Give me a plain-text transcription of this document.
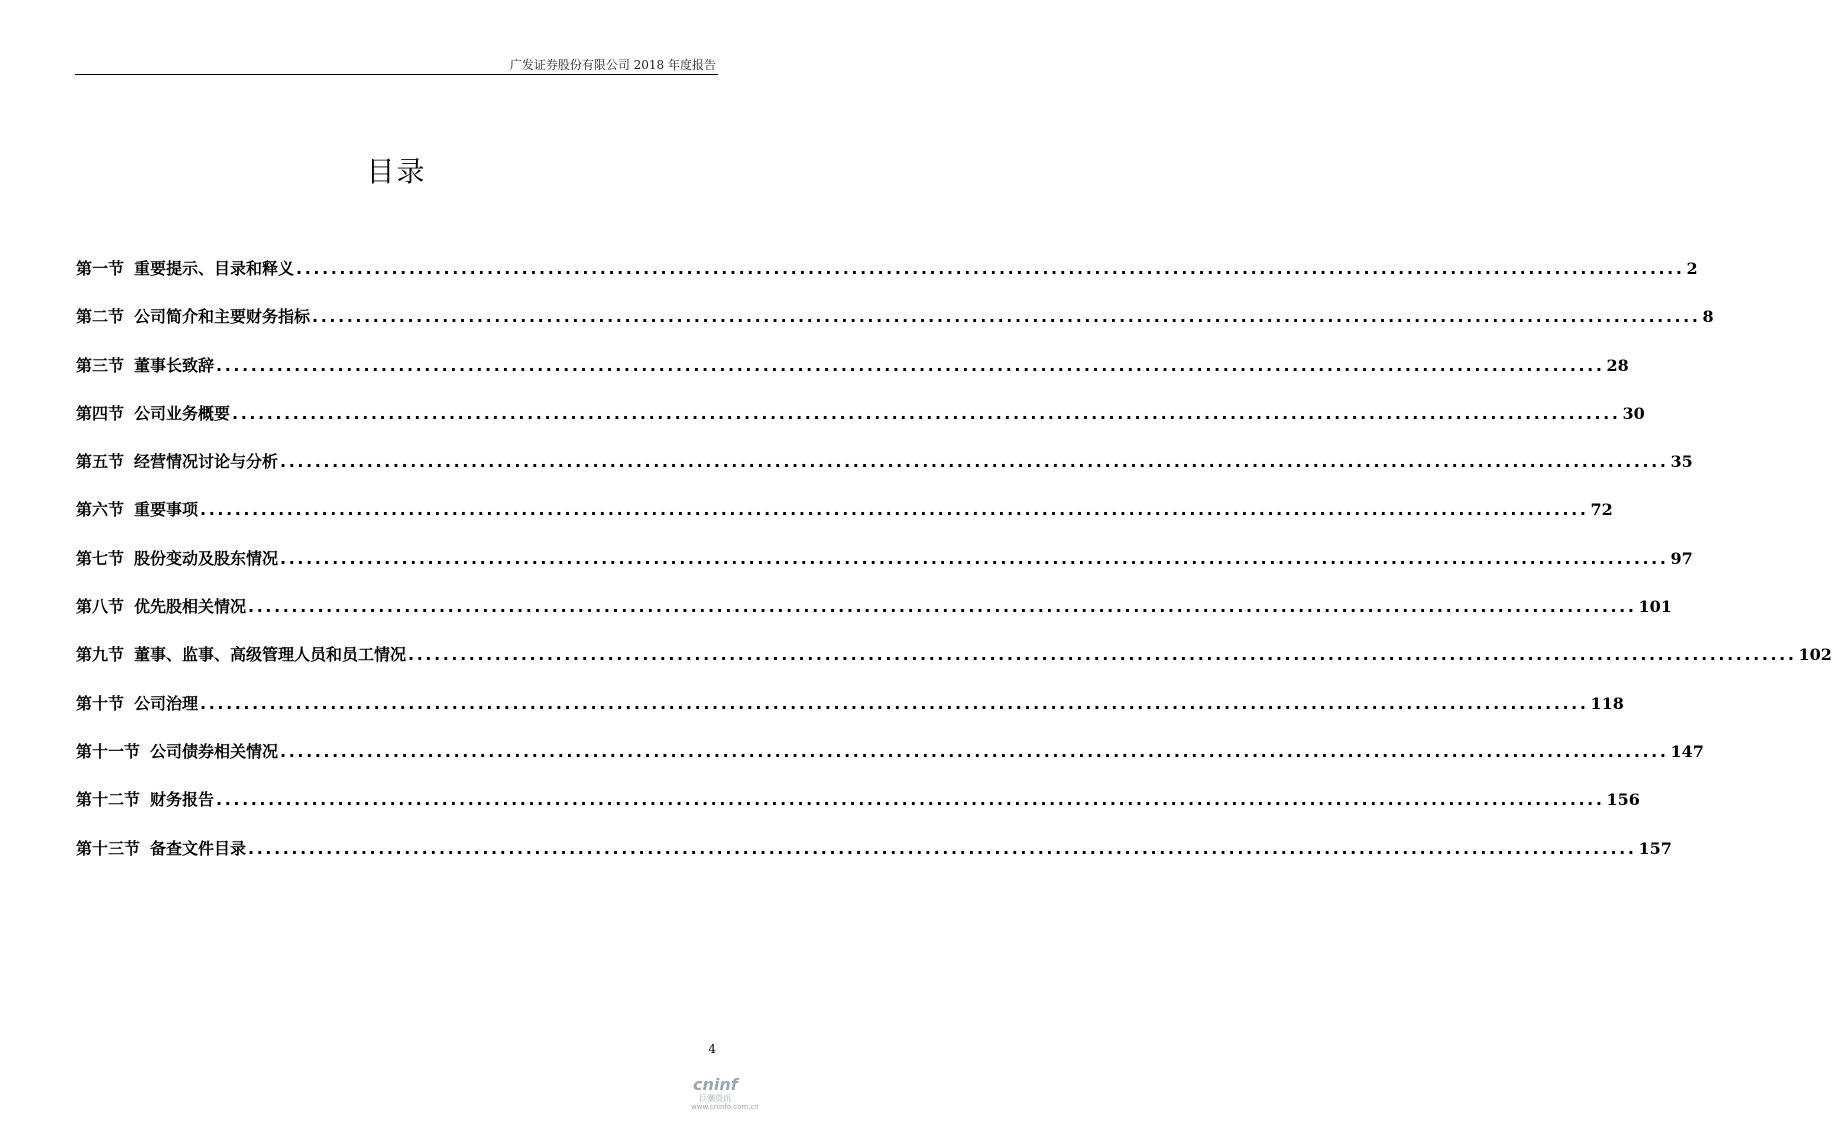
广发证券股份有限公司 2018 年度报告
目录
第一节 重要提示、目录和释义 ................................................................................................................................................................ 2
第二节 公司简介和主要财务指标 ................................................................................................................................................................ 8
第三节 董事长致辞 ................................................................................................................................................................ 28
第四节 公司业务概要 ................................................................................................................................................................ 30
第五节 经营情况讨论与分析 ................................................................................................................................................................ 35
第六节 重要事项 ................................................................................................................................................................ 72
第七节 股份变动及股东情况 ................................................................................................................................................................ 97
第八节 优先股相关情况 ................................................................................................................................................................ 101
第九节 董事、监事、高级管理人员和员工情况 ................................................................................................................................................................ 102
第十节 公司治理 ................................................................................................................................................................ 118
第十一节 公司债券相关情况 ................................................................................................................................................................ 147
第十二节 财务报告 ................................................................................................................................................................ 156
第十三节 备查文件目录 ................................................................................................................................................................ 157
4
cninf
巨潮资讯
www.cninfo.com.cn
